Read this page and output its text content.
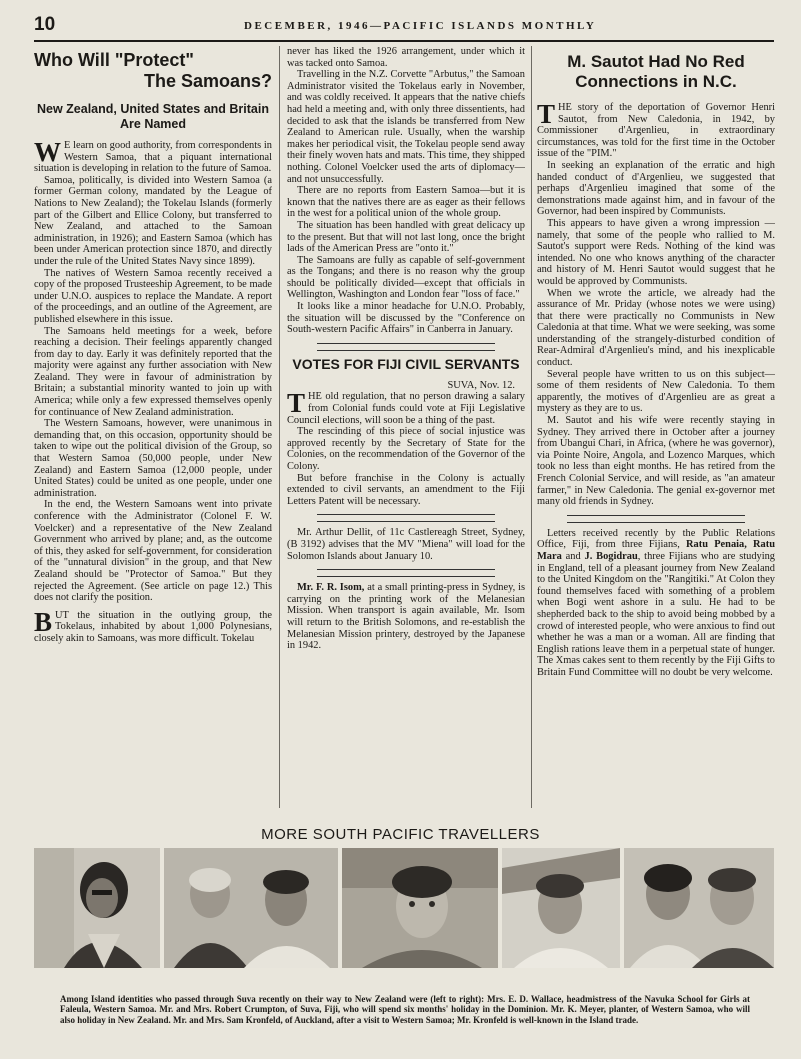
10	DECEMBER, 1946—PACIFIC ISLANDS MONTHLY
Who Will "Protect"
The Samoans?
New Zealand, United States and Britain Are Named

W E learn on good authority, from correspondents in Western Samoa, that a piquant international situation is developing in relation to the future of Samoa.

Samoa, politically, is divided into Western Samoa (a former German colony, mandated by the League of Nations to New Zealand); the Tokelau Islands (formerly part of the Gilbert and Ellice Colony, but transferred to New Zealand, and attached to the Samoan administration, in 1926); and Eastern Samoa (which has been under American protection since 1870, and directly under the rule of the United States Navy since 1899).

The natives of Western Samoa recently received a copy of the proposed Trusteeship Agreement, to be made under U.N.O. auspices to replace the Mandate. A report of the proceedings, and an outline of the Agreement, are published elsewhere in this issue.

The Samoans held meetings for a week, before reaching a decision. Their feelings apparently changed from day to day. Early it was definitely reported that the majority were against any further association with New Zealand. They were in favour of administration by Britain; a substantial minority wanted to join up with America; while only a few expressed themselves openly for continuance of New Zealand administration.

The Western Samoans, however, were unanimous in demanding that, on this occasion, opportunity should be taken to wipe out the political division of the Group, so that Western Samoa (50,000 people, under New Zealand) and Eastern Samoa (12,000 people, under United States) could be united as one people, under one administration.

In the end, the Western Samoans went into private conference with the Administrator (Colonel F. W. Voelcker) and a representative of the New Zealand Government who arrived by plane; and, as the outcome of this, they asked for self-government, for consideration of the "unnatural division" in the group, and that New Zealand should be "Protector of Samoa." But they rejected the Agreement. (See article on page 12.) This does not clarify the position.

BUT the situation in the outlying group, the Tokelaus, inhabited by about 1,000 Polynesians, closely akin to Samoans, was more difficult. Tokelau

never has liked the 1926 arrangement, under which it was tacked onto Samoa.

Travelling in the N.Z. Corvette "Arbutus," the Samoan Administrator visited the Tokelaus early in November, and was coldly received. It appears that the native chiefs had held a meeting and, with only three dissentients, had decided to ask that the islands be transferred from New Zealand to American rule. Usually, when the warship makes her periodical visit, the Tokelau people send away their finely woven hats and mats. This time, they shipped nothing. Colonel Voelcker used the arts of diplomacy—and not unsuccessfully.

There are no reports from Eastern Samoa—but it is known that the natives there are as eager as their fellows in the west for a political union of the whole group.

The situation has been handled with great delicacy up to the present. But that will not last long, once the bright lads of the American Press are "onto it."

The Samoans are fully as capable of self-government as the Tongans; and there is no reason why the group should be politically divided—except that officials in Wellington, Washington and London fear "loss of face."

It looks like a minor headache for U.N.O. Probably, the situation will be discussed by the "Conference on South-western Pacific Affairs" in Canberra in January.

VOTES FOR FIJI CIVIL SERVANTS
SUVA, Nov. 12.

THE old regulation, that no person drawing a salary from Colonial funds could vote at Fiji Legislative Council elections, will soon be a thing of the past.

The rescinding of this piece of social injustice was approved recently by the Secretary of State for the Colonies, on the recommendation of the Governor of the Colony.

But before franchise in the Colony is actually extended to civil servants, an amendment to the Fiji Letters Patent will be necessary.

Mr. Arthur Dellit, of 11c Castlereagh Street, Sydney, (B 3192) advises that the MV "Miena" will load for the Solomon Islands about January 10.

Mr. F. R. Isom, at a small printing-press in Sydney, is carrying on the printing work of the Melanesian Mission. When transport is again available, Mr. Isom will return to the British Solomons, and re-establish the Melanesian Mission printery, destroyed by the Japanese in 1942.

M. Sautot Had No Red Connections in N.C.

THE story of the deportation of Governor Henri Sautot, from New Caledonia, in 1942, by Commissioner d'Argenlieu, in extraordinary circumstances, was told for the first time in the October issue of the "PIM."

In seeking an explanation of the erratic and high handed conduct of d'Argenlieu, we suggested that perhaps d'Argenlieu imagined that some of the demonstrations made against him, and in favour of the Governor, had been inspired by Communists.

This appears to have given a wrong impression — namely, that some of the people who rallied to M. Sautot's support were Reds. Nothing of the kind was intended. No one who knows anything of the character and history of M. Henri Sautot would suggest that he would be approved by Communists.

When we wrote the article, we already had the assurance of Mr. Priday (whose notes we were using) that there were practically no Communists in New Caledonia at that time. What we were seeking, was some understanding of the strangely-disturbed condition of Rear-Admiral d'Argenlieu's mind, and his inexplicable conduct.

Several people have written to us on this subject—some of them residents of New Caledonia. To them apparently, the motives of d'Argenlieu are as great a mystery as they are to us.

M. Sautot and his wife were recently staying in Sydney. They arrived there in October after a journey from Ubangui Chari, in Africa, (where he was governor), via Pointe Noire, Angola, and Lozenco Marques, which took no less than eight months. He has retired from the French Colonial Service, and will reside, as "an amateur farmer," in New Caledonia. The genial ex-governor met many old friends in Sydney.

Letters received recently by the Public Relations Office, Fiji, from three Fijians, Ratu Penaia, Ratu Mara and J. Bogidrau, three Fijians who are studying in England, tell of a pleasant journey from New Zealand to the United Kingdom on the "Rangitiki." At Colon they found themselves faced with something of a problem when Bogi went ashore in a sulu. He had to be shepherded back to the ship to avoid being mobbed by a crowd of interested people, who were anxious to find out whether he was a man or a woman. All are finding that English rations leave them in a perpetual state of hunger. The Xmas cakes sent to them recently by the Fiji Gifts to Britain Fund Committee will no doubt be very welcome.

MORE SOUTH PACIFIC TRAVELLERS
Among Island identities who passed through Suva recently on their way to New Zealand were (left to right): Mrs. E. D. Wallace, headmistress of the Navuka School for Girls at Faleula, Western Samoa. Mr. and Mrs. Robert Crumpton, of Suva, Fiji, who will spend six months' holiday in the Dominion. Mr. K. Meyer, planter, of Western Samoa, who will also holiday in New Zealand. Mr. and Mrs. Sam Kronfeld, of Auckland, after a visit to Western Samoa; Mr. Kronfeld is well-known in the Island trade.
